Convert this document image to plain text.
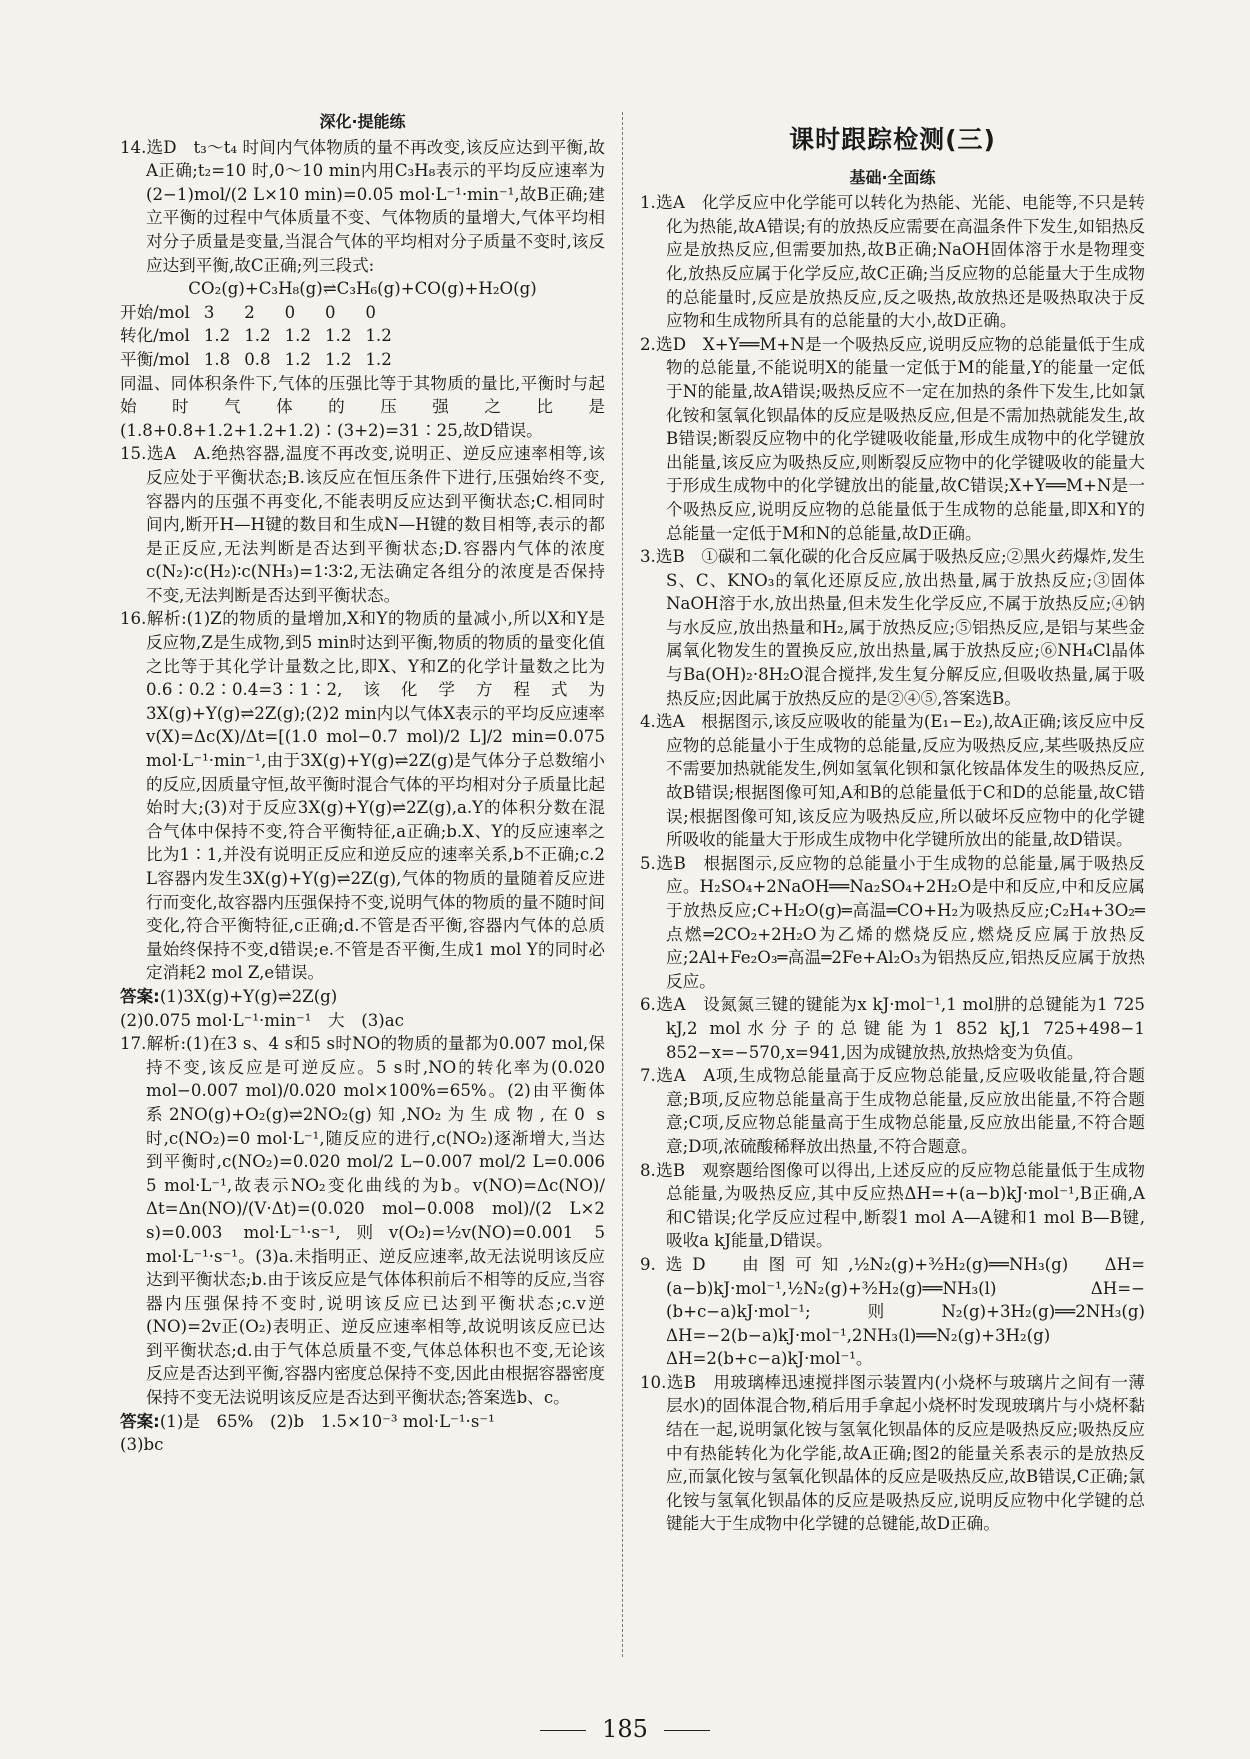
深化·提能练

14.选D　t₃～t₄ 时间内气体物质的量不再改变,该反应达到平衡,故A正确;t₂=10 时,0～10 min内用C₃H₈表示的平均反应速率为(2−1)mol/(2 L×10 min)=0.05 mol·L⁻¹·min⁻¹,故B正确;建立平衡的过程中气体质量不变、气体物质的量增大,气体平均相对分子质量是变量,当混合气体的平均相对分子质量不变时,该反应达到平衡,故C正确;列三段式:

CO₂(g)+C₃H₈(g)⇌C₃H₆(g)+CO(g)+H₂O(g)

开始/mol	3	2	0	0	0
转化/mol	1.2	1.2	1.2	1.2	1.2
平衡/mol	1.8	0.8	1.2	1.2	1.2

同温、同体积条件下,气体的压强比等于其物质的量比,平衡时与起始时气体的压强之比是(1.8+0.8+1.2+1.2+1.2)∶(3+2)=31∶25,故D错误。

15.选A　A.绝热容器,温度不再改变,说明正、逆反应速率相等,该反应处于平衡状态;B.该反应在恒压条件下进行,压强始终不变,容器内的压强不再变化,不能表明反应达到平衡状态;C.相同时间内,断开H—H键的数目和生成N—H键的数目相等,表示的都是正反应,无法判断是否达到平衡状态;D.容器内气体的浓度c(N₂)∶c(H₂)∶c(NH₃)=1∶3∶2,无法确定各组分的浓度是否保持不变,无法判断是否达到平衡状态。

16.解析:(1)Z的物质的量增加,X和Y的物质的量减小,所以X和Y是反应物,Z是生成物,到5 min时达到平衡,物质的物质的量变化值之比等于其化学计量数之比,即X、Y和Z的化学计量数之比为0.6∶0.2∶0.4=3∶1∶2,该化学方程式为3X(g)+Y(g)⇌2Z(g);(2)2 min内以气体X表示的平均反应速率 v(X)=Δc(X)/Δt=[(1.0 mol−0.7 mol)/2 L]/2 min=0.075 mol·L⁻¹·min⁻¹,由于3X(g)+Y(g)⇌2Z(g)是气体分子总数缩小的反应,因质量守恒,故平衡时混合气体的平均相对分子质量比起始时大;(3)对于反应3X(g)+Y(g)⇌2Z(g),a.Y的体积分数在混合气体中保持不变,符合平衡特征,a正确;b.X、Y的反应速率之比为1∶1,并没有说明正反应和逆反应的速率关系,b不正确;c.2 L容器内发生3X(g)+Y(g)⇌2Z(g),气体的物质的量随着反应进行而变化,故容器内压强保持不变,说明气体的物质的量不随时间变化,符合平衡特征,c正确;d.不管是否平衡,容器内气体的总质量始终保持不变,d错误;e.不管是否平衡,生成1 mol Y的同时必定消耗2 mol Z,e错误。

答案:(1)3X(g)+Y(g)⇌2Z(g)

(2)0.075 mol·L⁻¹·min⁻¹　大　(3)ac

17.解析:(1)在3 s、4 s和5 s时NO的物质的量都为0.007 mol,保持不变,该反应是可逆反应。5 s时,NO的转化率为(0.020 mol−0.007 mol)/0.020 mol×100%=65%。(2)由平衡体系2NO(g)+O₂(g)⇌2NO₂(g)知,NO₂为生成物,在0 s时,c(NO₂)=0 mol·L⁻¹,随反应的进行,c(NO₂)逐渐增大,当达到平衡时,c(NO₂)=0.020 mol/2 L−0.007 mol/2 L=0.006 5 mol·L⁻¹,故表示NO₂变化曲线的为b。v(NO)=Δc(NO)/Δt=Δn(NO)/(V·Δt)=(0.020 mol−0.008 mol)/(2 L×2 s)=0.003 mol·L⁻¹·s⁻¹,则v(O₂)=½v(NO)=0.001 5 mol·L⁻¹·s⁻¹。(3)a.未指明正、逆反应速率,故无法说明该反应达到平衡状态;b.由于该反应是气体体积前后不相等的反应,当容器内压强保持不变时,说明该反应已达到平衡状态;c.v逆(NO)=2v正(O₂)表明正、逆反应速率相等,故说明该反应已达到平衡状态;d.由于气体总质量不变,气体总体积也不变,无论该反应是否达到平衡,容器内密度总保持不变,因此由根据容器密度保持不变无法说明该反应是否达到平衡状态;答案选b、c。

答案:(1)是　65%　(2)b　1.5×10⁻³ mol·L⁻¹·s⁻¹

(3)bc

课时跟踪检测(三)
基础·全面练

1.选A　化学反应中化学能可以转化为热能、光能、电能等,不只是转化为热能,故A错误;有的放热反应需要在高温条件下发生,如铝热反应是放热反应,但需要加热,故B正确;NaOH固体溶于水是物理变化,放热反应属于化学反应,故C正确;当反应物的总能量大于生成物的总能量时,反应是放热反应,反之吸热,故放热还是吸热取决于反应物和生成物所具有的总能量的大小,故D正确。

2.选D　X+Y══M+N是一个吸热反应,说明反应物的总能量低于生成物的总能量,不能说明X的能量一定低于M的能量,Y的能量一定低于N的能量,故A错误;吸热反应不一定在加热的条件下发生,比如氯化铵和氢氧化钡晶体的反应是吸热反应,但是不需加热就能发生,故B错误;断裂反应物中的化学键吸收能量,形成生成物中的化学键放出能量,该反应为吸热反应,则断裂反应物中的化学键吸收的能量大于形成生成物中的化学键放出的能量,故C错误;X+Y══M+N是一个吸热反应,说明反应物的总能量低于生成物的总能量,即X和Y的总能量一定低于M和N的总能量,故D正确。

3.选B　①碳和二氧化碳的化合反应属于吸热反应;②黑火药爆炸,发生S、C、KNO₃的氧化还原反应,放出热量,属于放热反应;③固体NaOH溶于水,放出热量,但未发生化学反应,不属于放热反应;④钠与水反应,放出热量和H₂,属于放热反应;⑤铝热反应,是铝与某些金属氧化物发生的置换反应,放出热量,属于放热反应;⑥NH₄Cl晶体与Ba(OH)₂·8H₂O混合搅拌,发生复分解反应,但吸收热量,属于吸热反应;因此属于放热反应的是②④⑤,答案选B。

4.选A　根据图示,该反应吸收的能量为(E₁−E₂),故A正确;该反应中反应物的总能量小于生成物的总能量,反应为吸热反应,某些吸热反应不需要加热就能发生,例如氢氧化钡和氯化铵晶体发生的吸热反应,故B错误;根据图像可知,A和B的总能量低于C和D的总能量,故C错误;根据图像可知,该反应为吸热反应,所以破坏反应物中的化学键所吸收的能量大于形成生成物中化学键所放出的能量,故D错误。

5.选B　根据图示,反应物的总能量小于生成物的总能量,属于吸热反应。H₂SO₄+2NaOH══Na₂SO₄+2H₂O是中和反应,中和反应属于放热反应;C+H₂O(g)═高温═CO+H₂为吸热反应;C₂H₄+3O₂═点燃═2CO₂+2H₂O为乙烯的燃烧反应,燃烧反应属于放热反应;2Al+Fe₂O₃═高温═2Fe+Al₂O₃为铝热反应,铝热反应属于放热反应。

6.选A　设氮氮三键的键能为x kJ·mol⁻¹,1 mol肼的总键能为1 725 kJ,2 mol水分子的总键能为1 852 kJ,1 725+498−1 852−x=−570,x=941,因为成键放热,放热焓变为负值。

7.选A　A项,生成物总能量高于反应物总能量,反应吸收能量,符合题意;B项,反应物总能量高于生成物总能量,反应放出能量,不符合题意;C项,反应物总能量高于生成物总能量,反应放出能量,不符合题意;D项,浓硫酸稀释放出热量,不符合题意。

8.选B　观察题给图像可以得出,上述反应的反应物总能量低于生成物总能量,为吸热反应,其中反应热ΔH=+(a−b)kJ·mol⁻¹,B正确,A和C错误;化学反应过程中,断裂1 mol A—A键和1 mol B—B键,吸收a kJ能量,D错误。

9.选D　由图可知,½N₂(g)+³⁄₂H₂(g)══NH₃(g)　ΔH=(a−b)kJ·mol⁻¹,½N₂(g)+³⁄₂H₂(g)══NH₃(l)　ΔH=−(b+c−a)kJ·mol⁻¹;则N₂(g)+3H₂(g)══2NH₃(g)　ΔH=−2(b−a)kJ·mol⁻¹,2NH₃(l)══N₂(g)+3H₂(g)　ΔH=2(b+c−a)kJ·mol⁻¹。

10.选B　用玻璃棒迅速搅拌图示装置内(小烧杯与玻璃片之间有一薄层水)的固体混合物,稍后用手拿起小烧杯时发现玻璃片与小烧杯黏结在一起,说明氯化铵与氢氧化钡晶体的反应是吸热反应;吸热反应中有热能转化为化学能,故A正确;图2的能量关系表示的是放热反应,而氯化铵与氢氧化钡晶体的反应是吸热反应,故B错误,C正确;氯化铵与氢氧化钡晶体的反应是吸热反应,说明反应物中化学键的总键能大于生成物中化学键的总键能,故D正确。

185
